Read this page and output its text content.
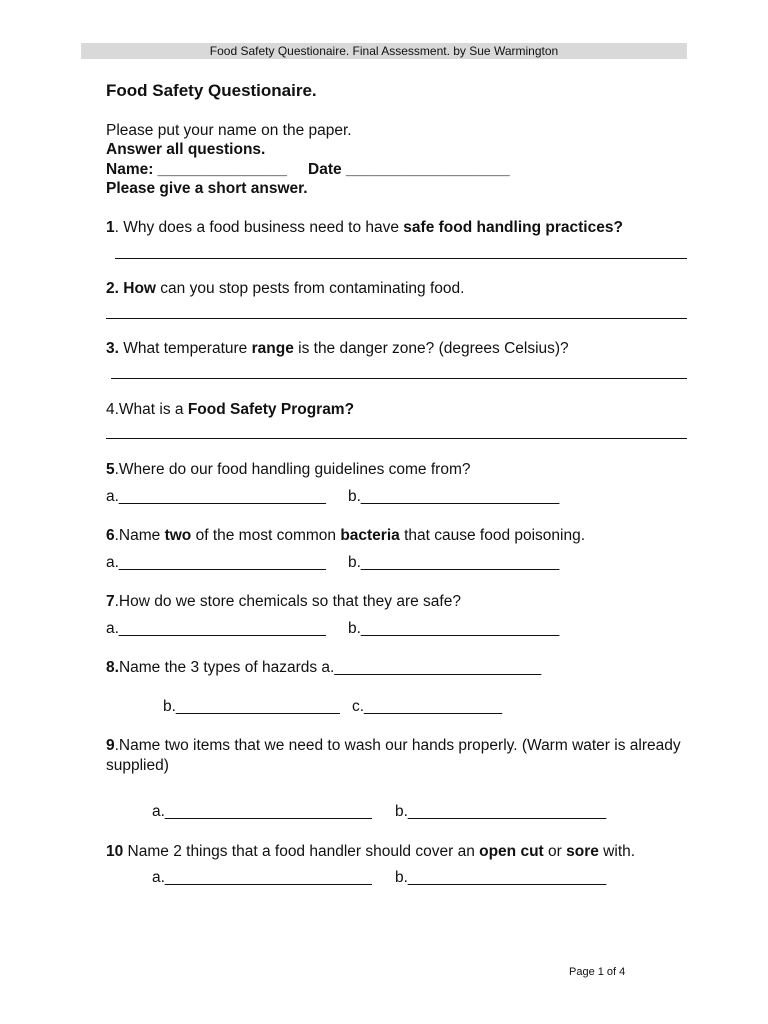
Food Safety Questionaire. Final Assessment. by Sue Warmington
Food Safety Questionaire.
Please put your name on the paper.
Answer all questions.
Name: _______________ Date ___________________
Please give a short answer.
1. Why does a food business need to have safe food handling practices?
2. How can you stop pests from contaminating food.
3. What temperature range is the danger zone? (degrees Celsius)?
4.What is a Food Safety Program?
5.Where do our food handling guidelines come from?
a.________________________ b._______________________
6.Name two of the most common bacteria that cause food poisoning.
a.________________________ b._______________________
7.How do we store chemicals so that they are safe?
a.________________________ b._______________________
8.Name the 3 types of hazards a.________________________
b.___________________ c.________________
9.Name two items that we need to wash our hands properly. (Warm water is already
supplied)
a.________________________ b._______________________
10 Name 2 things that a food handler should cover an open cut or sore with.
a.________________________ b._______________________
Page 1 of 4
